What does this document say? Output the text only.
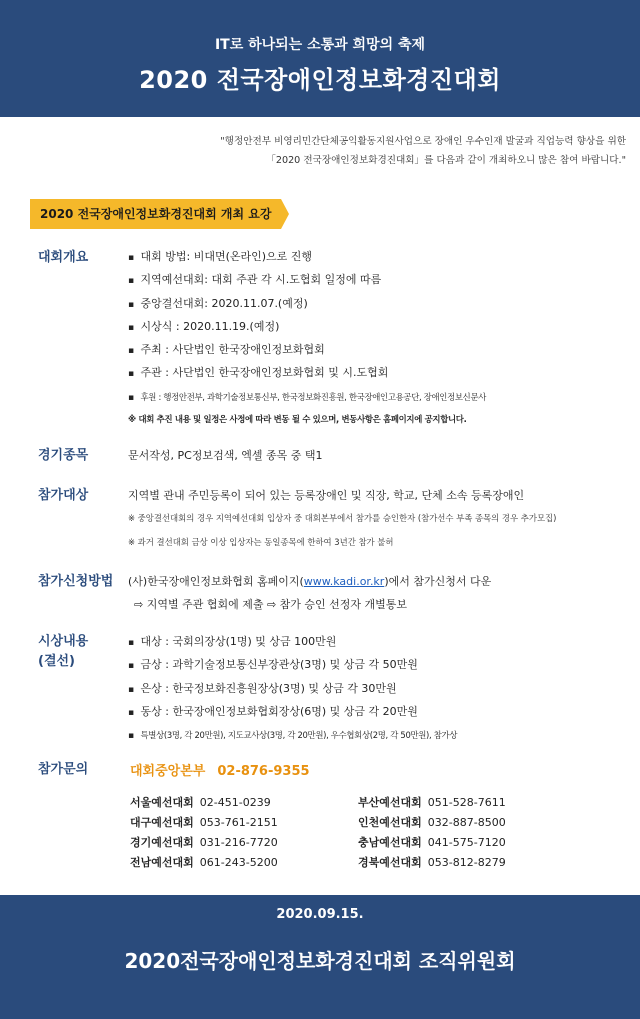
IT로 하나되는 소통과 희망의 축제
2020 전국장애인정보화경진대회
"행정안전부 비영리민간단체공익활동지원사업으로 장애인 우수인재 발굴과 직업능력 향상을 위한
「2020 전국장애인정보화경진대회」를 다음과 같이 개최하오니 많은 참여 바랍니다."
2020 전국장애인정보화경진대회 개최 요강
대회개요	▪ 대회 방법: 비대면(온라인)으로 진행
▪ 지역예선대회: 대회 주관 각 시.도협회 일정에 따름
▪ 중앙결선대회: 2020.11.07.(예정)
▪ 시상식 : 2020.11.19.(예정)
▪ 주최 : 사단법인 한국장애인정보화협회
▪ 주관 : 사단법인 한국장애인정보화협회 및 시.도협회
▪ 후원 : 행정안전부, 과학기술정보통신부, 한국정보화진흥원, 한국장애인고용공단, 장애인정보신문사
※ 대회 추진 내용 및 일정은 사정에 따라 변동 될 수 있으며, 변동사항은 홈페이지에 공지합니다.
경기종목	문서작성, PC정보검색, 엑셀 종목 중 택1
참가대상	지역별 관내 주민등록이 되어 있는 등록장애인 및 직장, 학교, 단체 소속 등록장애인
※ 중앙결선대회의 경우 지역예선대회 입상자 중 대회본부에서 참가를 승인한자 (참가선수 부족 종목의 경우 추가모집)
※ 과거 결선대회 금상 이상 입상자는 동일종목에 한하여 3년간 참가 불허
참가신청방법 (사)한국장애인정보화협회 홈페이지(www.kadi.or.kr)에서 참가신청서 다운
⇨ 지역별 주관 협회에 제출 ⇨ 참가 승인 선정자 개별통보
시상내용
(결선)
▪ 대상 : 국회의장상(1명) 및 상금 100만원
▪ 금상 : 과학기술정보통신부장관상(3명) 및 상금 각 50만원
▪ 은상 : 한국정보화진흥원장상(3명) 및 상금 각 30만원
▪ 동상 : 한국장애인정보화협회장상(6명) 및 상금 각 20만원
▪ 특별상(3명, 각 20만원), 지도교사상(3명, 각 20만원), 우수협회상(2명, 각 50만원), 참가상
참가문의	대회중앙본부 02-876-9355
서울예선대회 02-451-0239	부산예선대회 051-528-7611
대구예선대회 053-761-2151	인천예선대회 032-887-8500
경기예선대회 031-216-7720	충남예선대회 041-575-7120
전남예선대회 061-243-5200	경북예선대회 053-812-8279
2020.09.15.
2020전국장애인정보화경진대회 조직위원회
